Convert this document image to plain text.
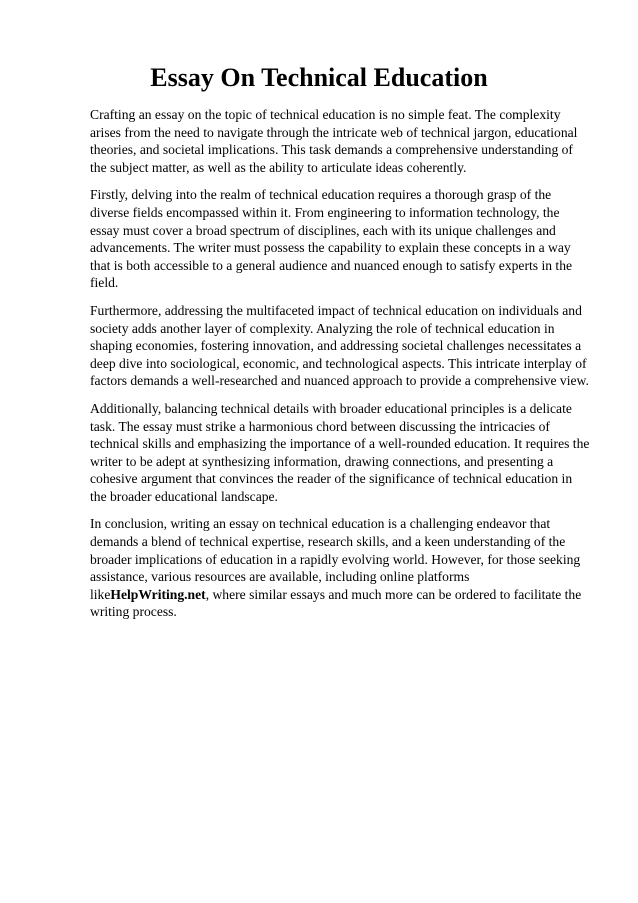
Essay On Technical Education

Crafting an essay on the topic of technical education is no simple feat. The complexity arises from the need to navigate through the intricate web of technical jargon, educational theories, and societal implications. This task demands a comprehensive understanding of the subject matter, as well as the ability to articulate ideas coherently.

Firstly, delving into the realm of technical education requires a thorough grasp of the diverse fields encompassed within it. From engineering to information technology, the essay must cover a broad spectrum of disciplines, each with its unique challenges and advancements. The writer must possess the capability to explain these concepts in a way that is both accessible to a general audience and nuanced enough to satisfy experts in the field.

Furthermore, addressing the multifaceted impact of technical education on individuals and society adds another layer of complexity. Analyzing the role of technical education in shaping economies, fostering innovation, and addressing societal challenges necessitates a deep dive into sociological, economic, and technological aspects. This intricate interplay of factors demands a well-researched and nuanced approach to provide a comprehensive view.

Additionally, balancing technical details with broader educational principles is a delicate task. The essay must strike a harmonious chord between discussing the intricacies of technical skills and emphasizing the importance of a well-rounded education. It requires the writer to be adept at synthesizing information, drawing connections, and presenting a cohesive argument that convinces the reader of the significance of technical education in the broader educational landscape.

In conclusion, writing an essay on technical education is a challenging endeavor that demands a blend of technical expertise, research skills, and a keen understanding of the broader implications of education in a rapidly evolving world. However, for those seeking assistance, various resources are available, including online platforms likeHelpWriting.net, where similar essays and much more can be ordered to facilitate the writing process.
